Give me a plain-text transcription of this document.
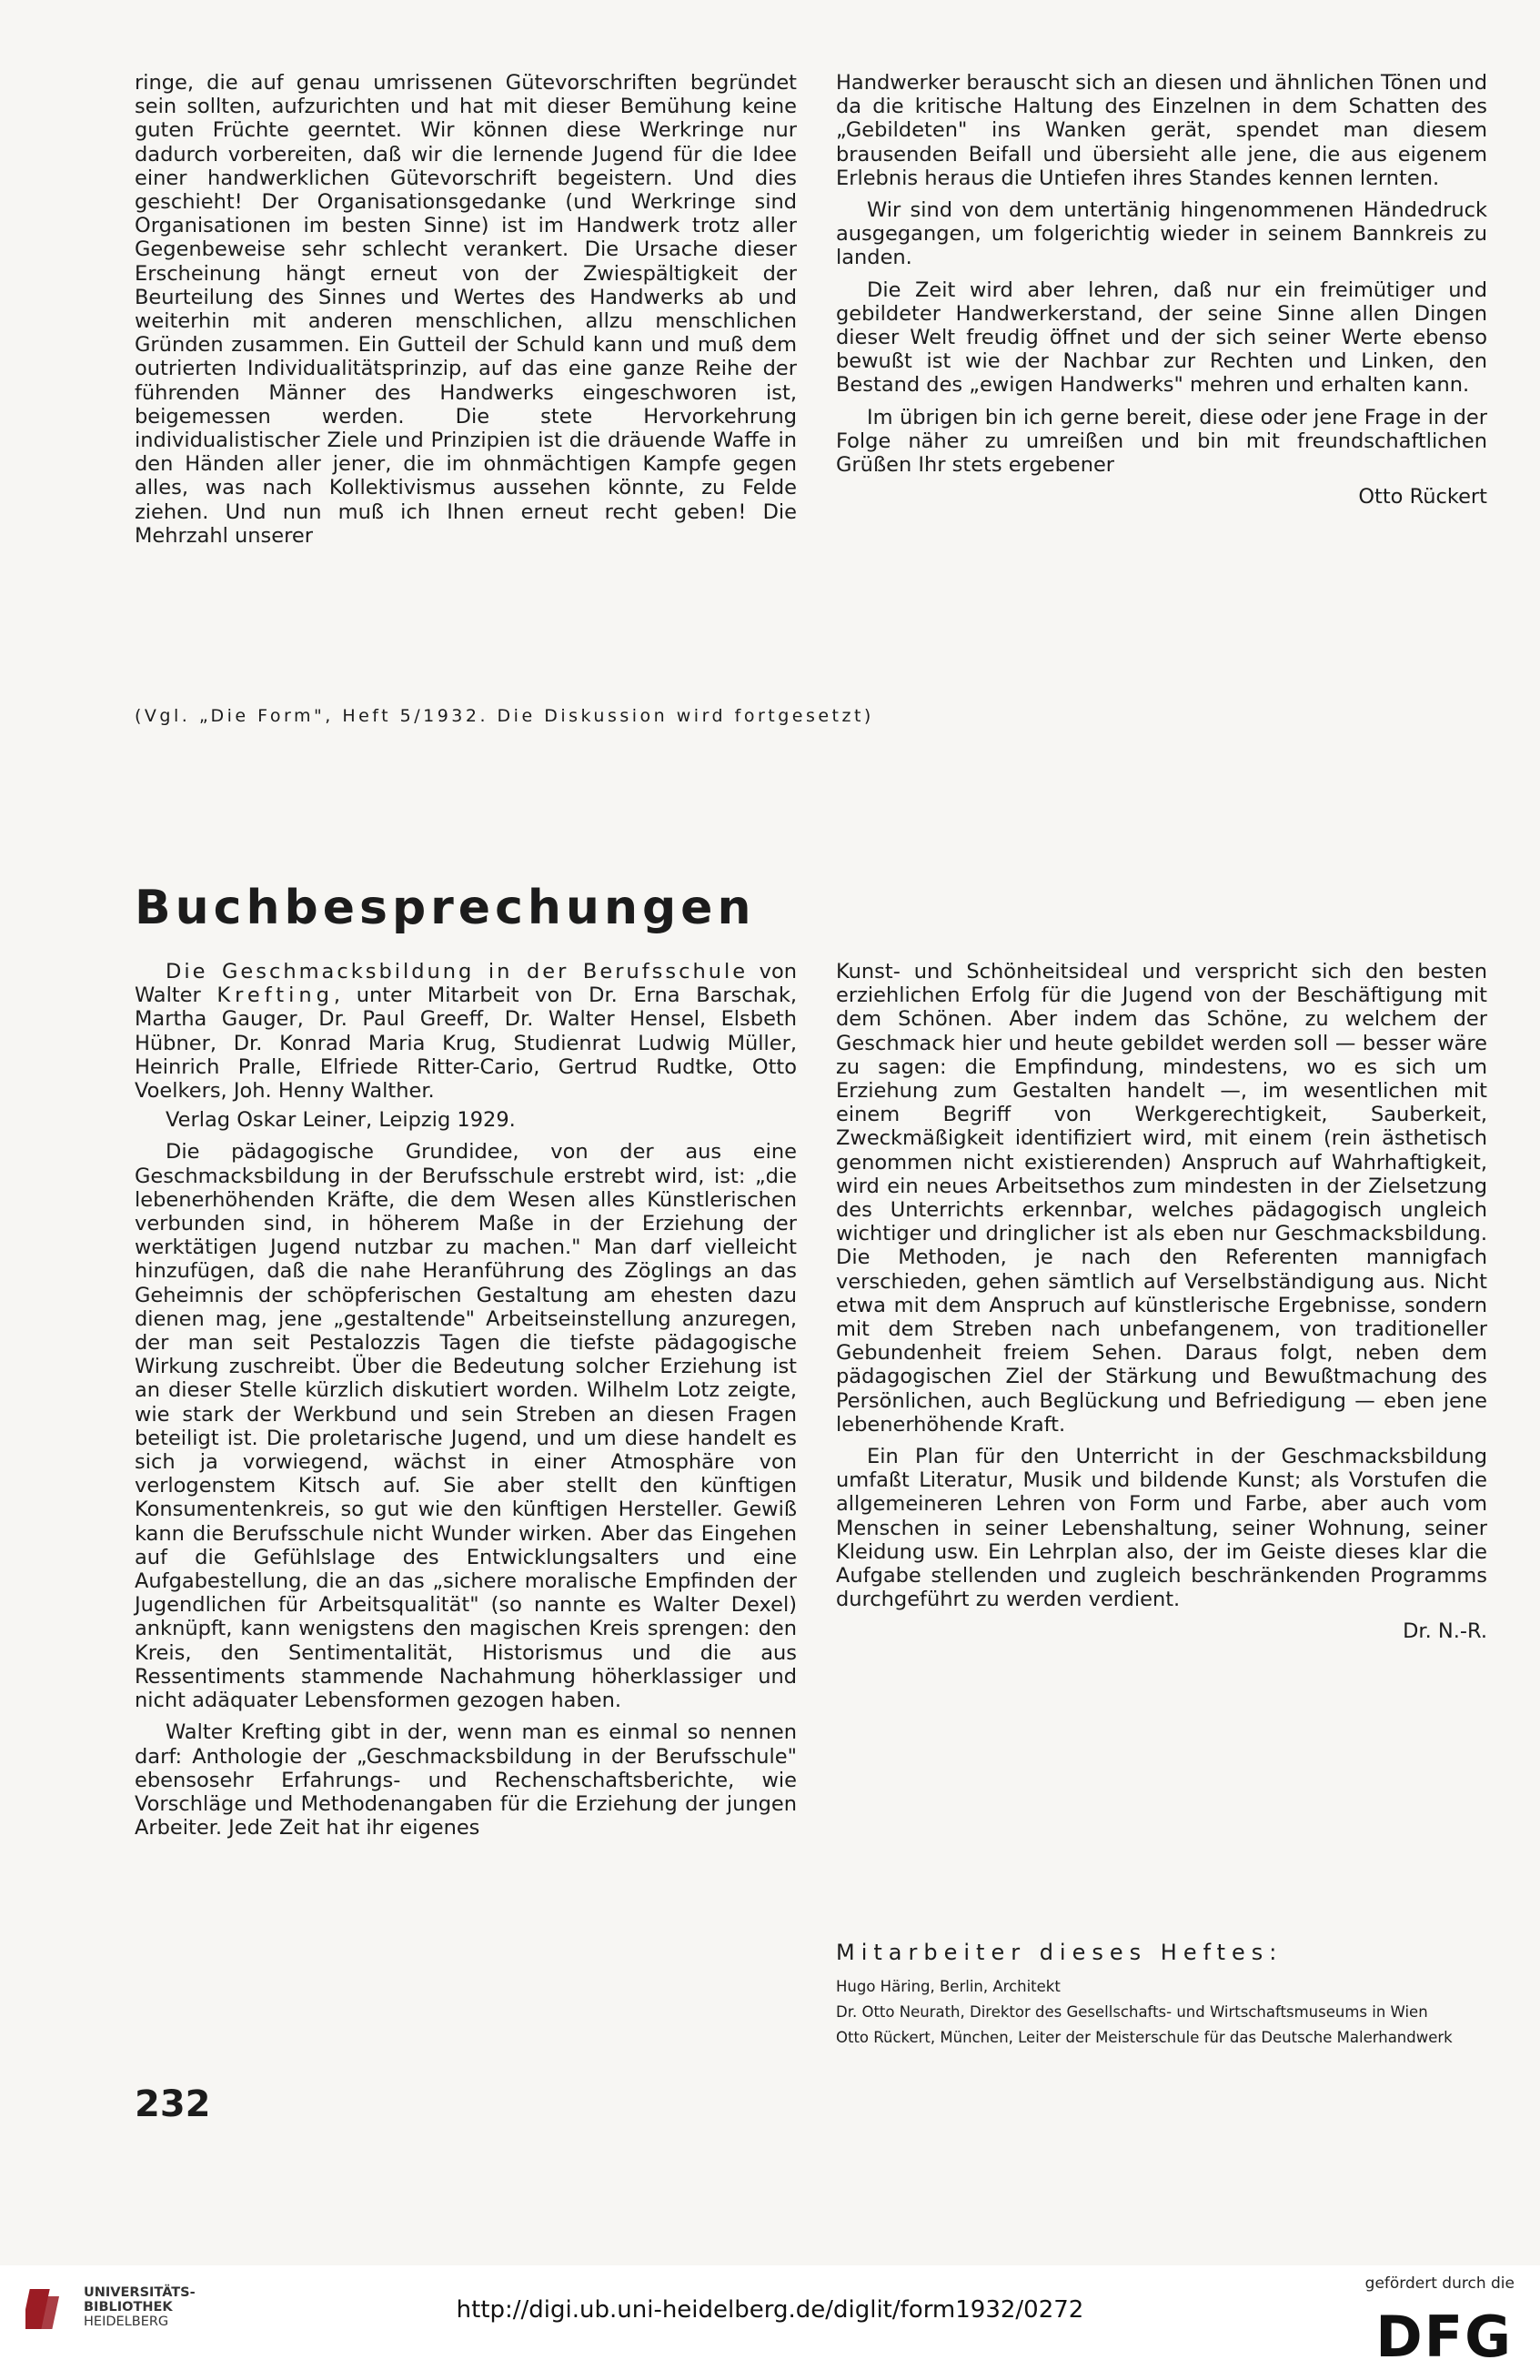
ringe, die auf genau umrissenen Gütevorschriften begründet sein sollten, aufzurichten und hat mit dieser Bemühung keine guten Früchte geerntet. Wir können diese Werkringe nur dadurch vorbereiten, daß wir die lernende Jugend für die Idee einer handwerklichen Gütevorschrift begeistern. Und dies geschieht! Der Organisationsgedanke (und Werkringe sind Organisationen im besten Sinne) ist im Handwerk trotz aller Gegenbeweise sehr schlecht verankert. Die Ursache dieser Erscheinung hängt erneut von der Zwiespältigkeit der Beurteilung des Sinnes und Wertes des Handwerks ab und weiterhin mit anderen menschlichen, allzu menschlichen Gründen zusammen. Ein Gutteil der Schuld kann und muß dem outrierten Individualitätsprinzip, auf das eine ganze Reihe der führenden Männer des Handwerks eingeschworen ist, beigemessen werden. Die stete Hervorkehrung individualistischer Ziele und Prinzipien ist die dräuende Waffe in den Händen aller jener, die im ohnmächtigen Kampfe gegen alles, was nach Kollektivismus aussehen könnte, zu Felde ziehen. Und nun muß ich Ihnen erneut recht geben! Die Mehrzahl unserer

Handwerker berauscht sich an diesen und ähnlichen Tönen und da die kritische Haltung des Einzelnen in dem Schatten des „Gebildeten" ins Wanken gerät, spendet man diesem brausenden Beifall und übersieht alle jene, die aus eigenem Erlebnis heraus die Untiefen ihres Standes kennen lernten.

Wir sind von dem untertänig hingenommenen Händedruck ausgegangen, um folgerichtig wieder in seinem Bannkreis zu landen.

Die Zeit wird aber lehren, daß nur ein freimütiger und gebildeter Handwerkerstand, der seine Sinne allen Dingen dieser Welt freudig öffnet und der sich seiner Werte ebenso bewußt ist wie der Nachbar zur Rechten und Linken, den Bestand des „ewigen Handwerks" mehren und erhalten kann.

Im übrigen bin ich gerne bereit, diese oder jene Frage in der Folge näher zu umreißen und bin mit freundschaftlichen Grüßen Ihr stets ergebener

Otto Rückert

(Vgl. „Die Form", Heft 5/1932. Die Diskussion wird fortgesetzt)
Buchbesprechungen

Die Geschmacksbildung in der Berufsschule von Walter Krefting, unter Mitarbeit von Dr. Erna Barschak, Martha Gauger, Dr. Paul Greeff, Dr. Walter Hensel, Elsbeth Hübner, Dr. Konrad Maria Krug, Studienrat Ludwig Müller, Heinrich Pralle, Elfriede Ritter-Cario, Gertrud Rudtke, Otto Voelkers, Joh. Henny Walther.

Verlag Oskar Leiner, Leipzig 1929.

Die pädagogische Grundidee, von der aus eine Geschmacksbildung in der Berufsschule erstrebt wird, ist: „die lebenerhöhenden Kräfte, die dem Wesen alles Künstlerischen verbunden sind, in höherem Maße in der Erziehung der werktätigen Jugend nutzbar zu machen." Man darf vielleicht hinzufügen, daß die nahe Heranführung des Zöglings an das Geheimnis der schöpferischen Gestaltung am ehesten dazu dienen mag, jene „gestaltende" Arbeitseinstellung anzuregen, der man seit Pestalozzis Tagen die tiefste pädagogische Wirkung zuschreibt. Über die Bedeutung solcher Erziehung ist an dieser Stelle kürzlich diskutiert worden. Wilhelm Lotz zeigte, wie stark der Werkbund und sein Streben an diesen Fragen beteiligt ist. Die proletarische Jugend, und um diese handelt es sich ja vorwiegend, wächst in einer Atmosphäre von verlogenstem Kitsch auf. Sie aber stellt den künftigen Konsumentenkreis, so gut wie den künftigen Hersteller. Gewiß kann die Berufsschule nicht Wunder wirken. Aber das Eingehen auf die Gefühlslage des Entwicklungsalters und eine Aufgabestellung, die an das „sichere moralische Empfinden der Jugendlichen für Arbeitsqualität" (so nannte es Walter Dexel) anknüpft, kann wenigstens den magischen Kreis sprengen: den Kreis, den Sentimentalität, Historismus und die aus Ressentiments stammende Nachahmung höherklassiger und nicht adäquater Lebensformen gezogen haben.

Walter Krefting gibt in der, wenn man es einmal so nennen darf: Anthologie der „Geschmacksbildung in der Berufsschule" ebensosehr Erfahrungs- und Rechenschaftsberichte, wie Vorschläge und Methodenangaben für die Erziehung der jungen Arbeiter. Jede Zeit hat ihr eigenes

Kunst- und Schönheitsideal und verspricht sich den besten erziehlichen Erfolg für die Jugend von der Beschäftigung mit dem Schönen. Aber indem das Schöne, zu welchem der Geschmack hier und heute gebildet werden soll — besser wäre zu sagen: die Empfindung, mindestens, wo es sich um Erziehung zum Gestalten handelt —, im wesentlichen mit einem Begriff von Werkgerechtigkeit, Sauberkeit, Zweckmäßigkeit identifiziert wird, mit einem (rein ästhetisch genommen nicht existierenden) Anspruch auf Wahrhaftigkeit, wird ein neues Arbeitsethos zum mindesten in der Zielsetzung des Unterrichts erkennbar, welches pädagogisch ungleich wichtiger und dringlicher ist als eben nur Geschmacksbildung. Die Methoden, je nach den Referenten mannigfach verschieden, gehen sämtlich auf Verselbständigung aus. Nicht etwa mit dem Anspruch auf künstlerische Ergebnisse, sondern mit dem Streben nach unbefangenem, von traditioneller Gebundenheit freiem Sehen. Daraus folgt, neben dem pädagogischen Ziel der Stärkung und Bewußtmachung des Persönlichen, auch Beglückung und Befriedigung — eben jene lebenerhöhende Kraft.

Ein Plan für den Unterricht in der Geschmacksbildung umfaßt Literatur, Musik und bildende Kunst; als Vorstufen die allgemeineren Lehren von Form und Farbe, aber auch vom Menschen in seiner Lebenshaltung, seiner Wohnung, seiner Kleidung usw. Ein Lehrplan also, der im Geiste dieses klar die Aufgabe stellenden und zugleich beschränkenden Programms durchgeführt zu werden verdient.

Dr. N.-R.

Mitarbeiter dieses Heftes:
Hugo Häring, Berlin, Architekt
Dr. Otto Neurath, Direktor des Gesellschafts- und Wirtschaftsmuseums in Wien
Otto Rückert, München, Leiter der Meisterschule für das Deutsche Malerhandwerk
232
UNIVERSITÄTS-
BIBLIOTHEK
HEIDELBERG	http://digi.ub.uni-heidelberg.de/diglit/form1932/0272
gefördert durch die
DFG
